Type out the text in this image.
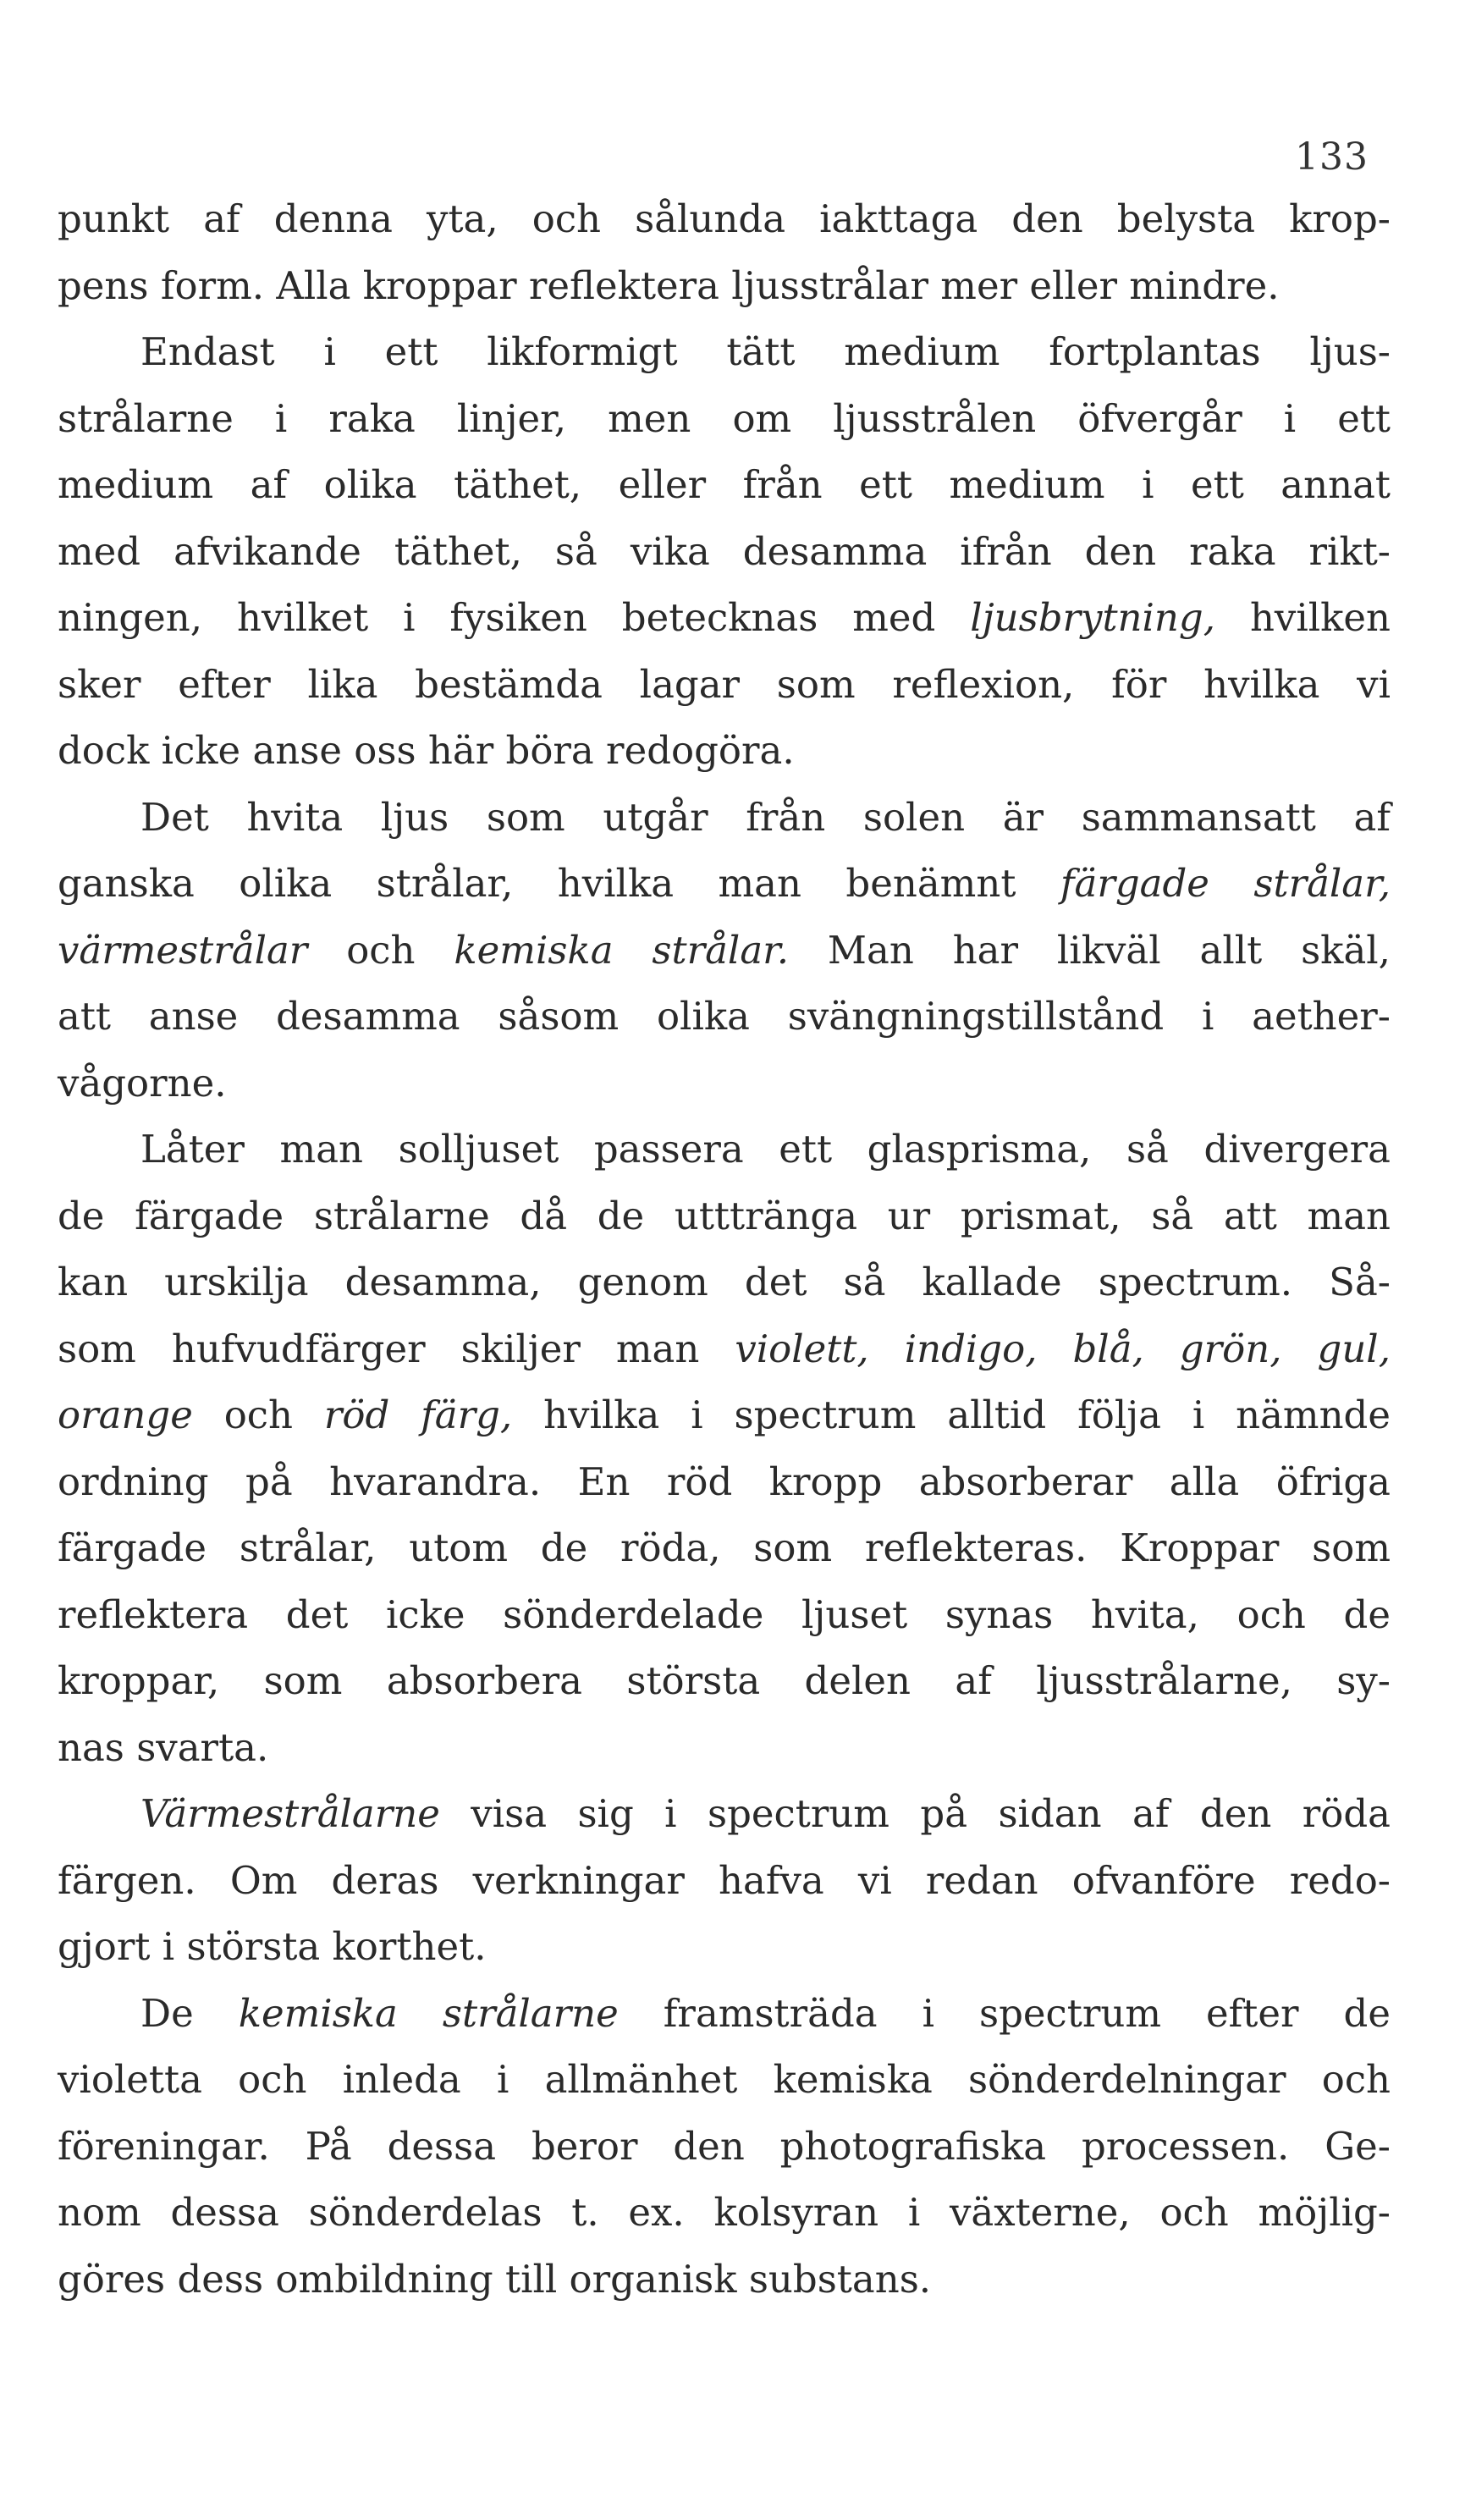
133
punkt af denna yta, och sålunda iakttaga den belysta krop-
pens form. Alla kroppar reflektera ljusstrålar mer eller mindre.
Endast i ett likformigt tätt medium fortplantas ljus-
strålarne i raka linjer, men om ljusstrålen öfvergår i ett
medium af olika täthet, eller från ett medium i ett annat
med afvikande täthet, så vika desamma ifrån den raka rikt-
ningen, hvilket i fysiken betecknas med ljusbrytning, hvilken
sker efter lika bestämda lagar som reflexion, för hvilka vi
dock icke anse oss här böra redogöra.
Det hvita ljus som utgår från solen är sammansatt af
ganska olika strålar, hvilka man benämnt färgade strålar,
värmestrålar och kemiska strålar. Man har likväl allt skäl,
att anse desamma såsom olika svängningstillstånd i aether-
vågorne.
Låter man solljuset passera ett glasprisma, så divergera
de färgade strålarne då de utttränga ur prismat, så att man
kan urskilja desamma, genom det så kallade spectrum. Så-
som hufvudfärger skiljer man violett, indigo, blå, grön, gul,
orange och röd färg, hvilka i spectrum alltid följa i nämnde
ordning på hvarandra. En röd kropp absorberar alla öfriga
färgade strålar, utom de röda, som reflekteras. Kroppar som
reflektera det icke sönderdelade ljuset synas hvita, och de
kroppar, som absorbera största delen af ljusstrålarne, sy-
nas svarta.
Värmestrålarne visa sig i spectrum på sidan af den röda
färgen. Om deras verkningar hafva vi redan ofvanföre redo-
gjort i största korthet.
De kemiska strålarne framsträda i spectrum efter de
violetta och inleda i allmänhet kemiska sönderdelningar och
föreningar. På dessa beror den photografiska processen. Ge-
nom dessa sönderdelas t. ex. kolsyran i växterne, och möjlig-
göres dess ombildning till organisk substans.
